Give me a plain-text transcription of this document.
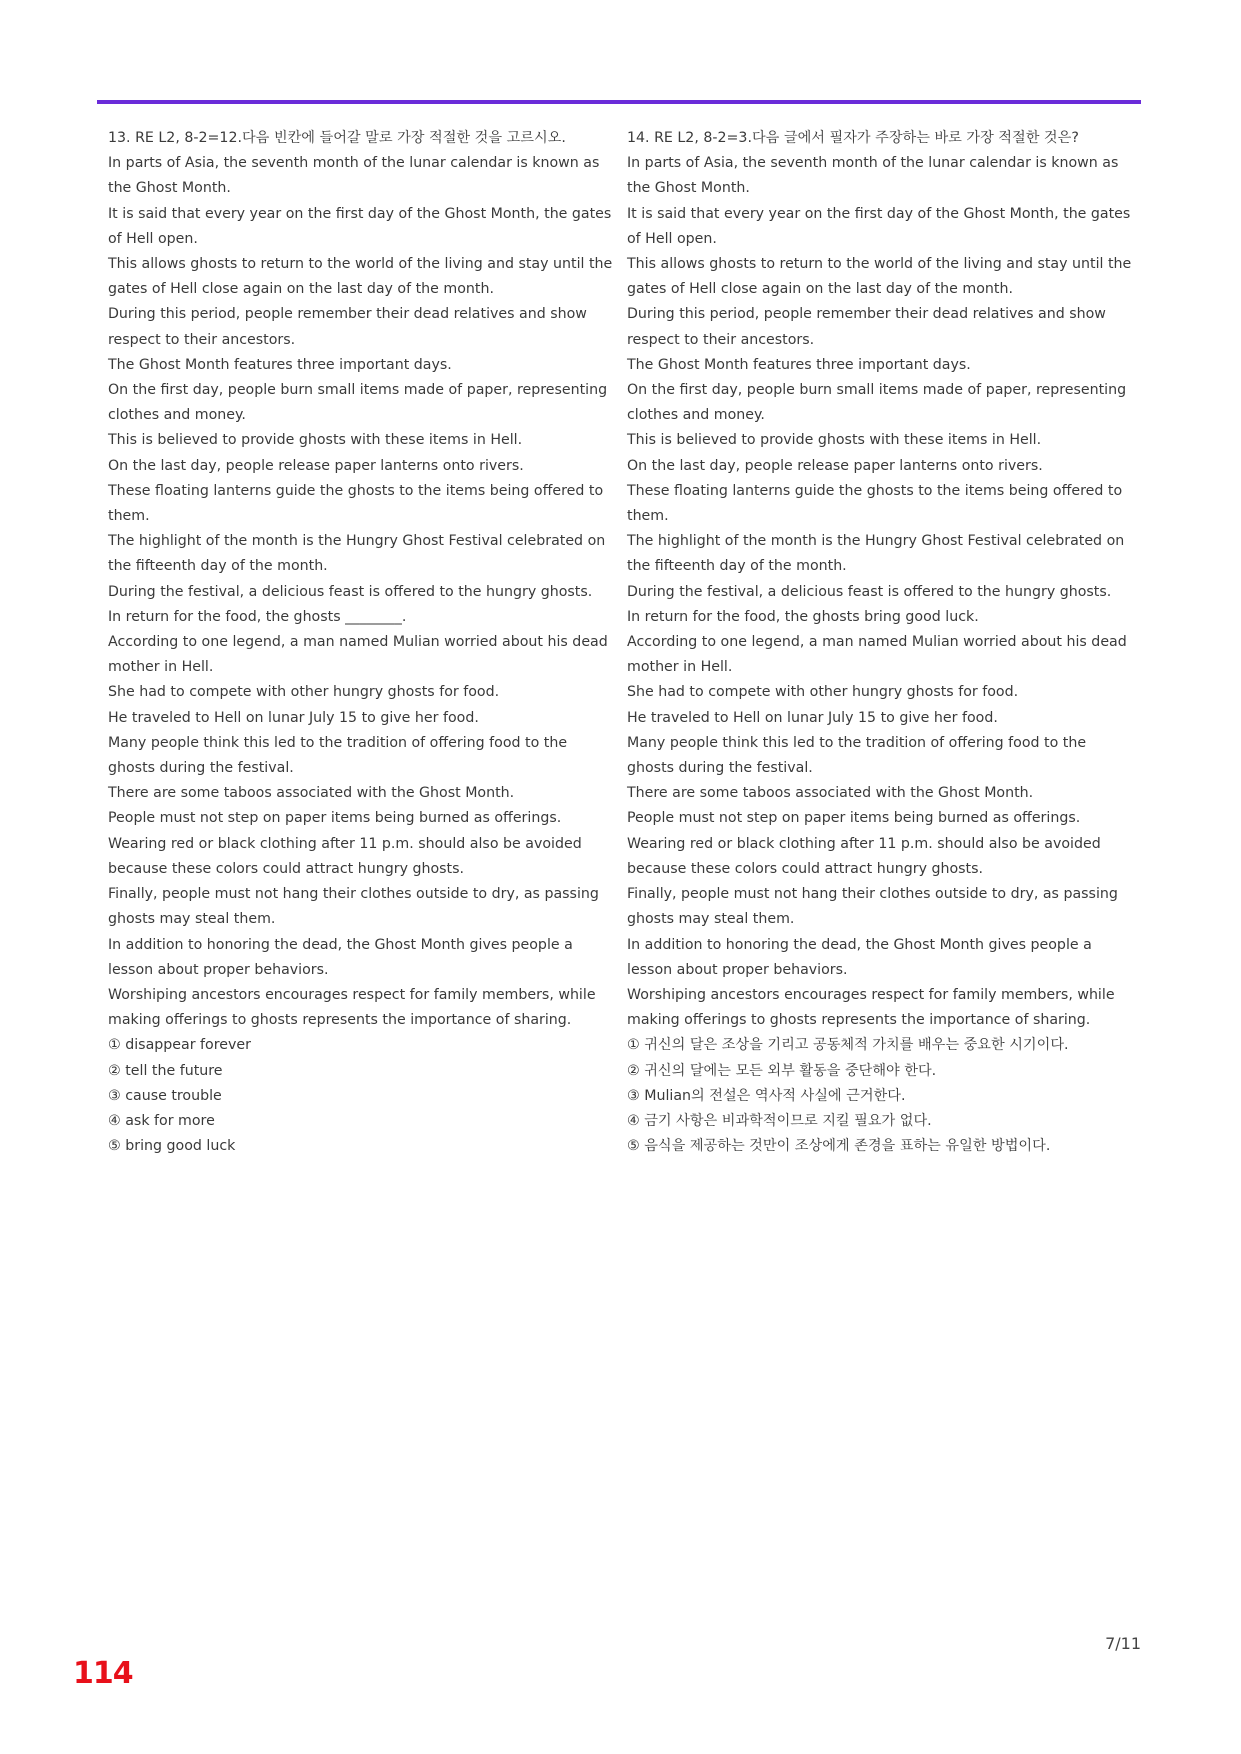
13. RE L2, 8-2=12.다음 빈칸에 들어갈 말로 가장 적절한 것을 고르시오.

In parts of Asia, the seventh month of the lunar calendar is known as the Ghost Month.

It is said that every year on the first day of the Ghost Month, the gates of Hell open.

This allows ghosts to return to the world of the living and stay until the gates of Hell close again on the last day of the month.

During this period, people remember their dead relatives and show respect to their ancestors.

The Ghost Month features three important days.

On the first day, people burn small items made of paper, representing clothes and money.

This is believed to provide ghosts with these items in Hell.

On the last day, people release paper lanterns onto rivers.

These floating lanterns guide the ghosts to the items being offered to them.

The highlight of the month is the Hungry Ghost Festival celebrated on the fifteenth day of the month.

During the festival, a delicious feast is offered to the hungry ghosts.

In return for the food, the ghosts ________.

According to one legend, a man named Mulian worried about his dead mother in Hell.

She had to compete with other hungry ghosts for food.

He traveled to Hell on lunar July 15 to give her food.

Many people think this led to the tradition of offering food to the ghosts during the festival.

There are some taboos associated with the Ghost Month.

People must not step on paper items being burned as offerings.

Wearing red or black clothing after 11 p.m. should also be avoided because these colors could attract hungry ghosts.

Finally, people must not hang their clothes outside to dry, as passing ghosts may steal them.

In addition to honoring the dead, the Ghost Month gives people a lesson about proper behaviors.

Worshiping ancestors encourages respect for family members, while making offerings to ghosts represents the importance of sharing.

① disappear forever

② tell the future

③ cause trouble

④ ask for more

⑤ bring good luck

14. RE L2, 8-2=3.다음 글에서 필자가 주장하는 바로 가장 적절한 것은?

In parts of Asia, the seventh month of the lunar calendar is known as the Ghost Month.

It is said that every year on the first day of the Ghost Month, the gates of Hell open.

This allows ghosts to return to the world of the living and stay until the gates of Hell close again on the last day of the month.

During this period, people remember their dead relatives and show respect to their ancestors.

The Ghost Month features three important days.

On the first day, people burn small items made of paper, representing clothes and money.

This is believed to provide ghosts with these items in Hell.

On the last day, people release paper lanterns onto rivers.

These floating lanterns guide the ghosts to the items being offered to them.

The highlight of the month is the Hungry Ghost Festival celebrated on the fifteenth day of the month.

During the festival, a delicious feast is offered to the hungry ghosts.

In return for the food, the ghosts bring good luck.

According to one legend, a man named Mulian worried about his dead mother in Hell.

She had to compete with other hungry ghosts for food.

He traveled to Hell on lunar July 15 to give her food.

Many people think this led to the tradition of offering food to the ghosts during the festival.

There are some taboos associated with the Ghost Month.

People must not step on paper items being burned as offerings.

Wearing red or black clothing after 11 p.m. should also be avoided because these colors could attract hungry ghosts.

Finally, people must not hang their clothes outside to dry, as passing ghosts may steal them.

In addition to honoring the dead, the Ghost Month gives people a lesson about proper behaviors.

Worshiping ancestors encourages respect for family members, while making offerings to ghosts represents the importance of sharing.

① 귀신의 달은 조상을 기리고 공동체적 가치를 배우는 중요한 시기이다.

② 귀신의 달에는 모든 외부 활동을 중단해야 한다.

③ Mulian의 전설은 역사적 사실에 근거한다.

④ 금기 사항은 비과학적이므로 지킬 필요가 없다.

⑤ 음식을 제공하는 것만이 조상에게 존경을 표하는 유일한 방법이다.

7/11
114
